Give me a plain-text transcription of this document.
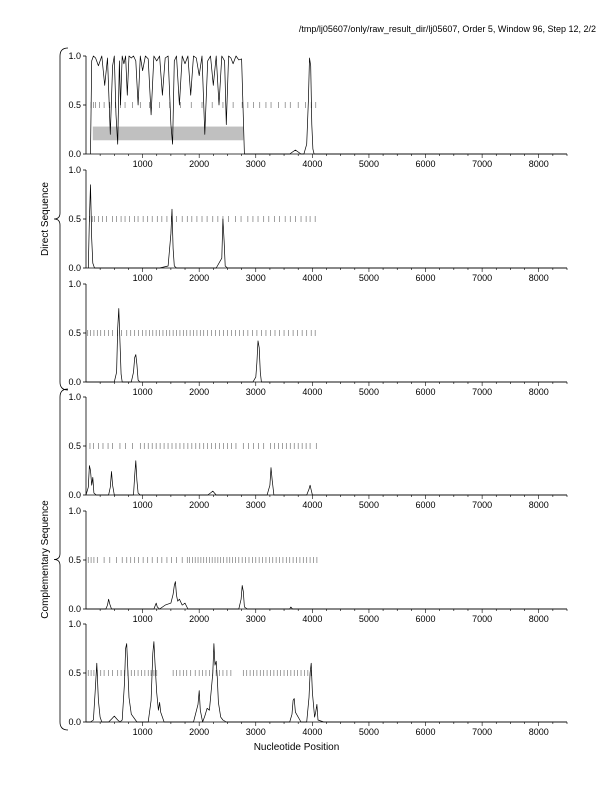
/tmp/lj05607/only/raw_result_dir/lj05607, Order 5, Window 96, Step 12, 2/2
0.0
0.5
1.0
1000	2000	3000	4000	5000	6000	7000	8000
0.0
0.5
1.0
1000	2000	3000	4000	5000	6000	7000	8000
0.0
0.5
1.0
1000	2000	3000	4000	5000	6000	7000	8000
0.0
0.5
1.0
1000	2000	3000	4000	5000	6000	7000	8000
0.0
0.5
1.0
1000	2000	3000	4000	5000	6000	7000	8000
0.0
0.5
1.0
1000	2000	3000	4000	5000	6000	7000	8000
Direct Sequence
Complementary Sequence
Nucleotide Position
